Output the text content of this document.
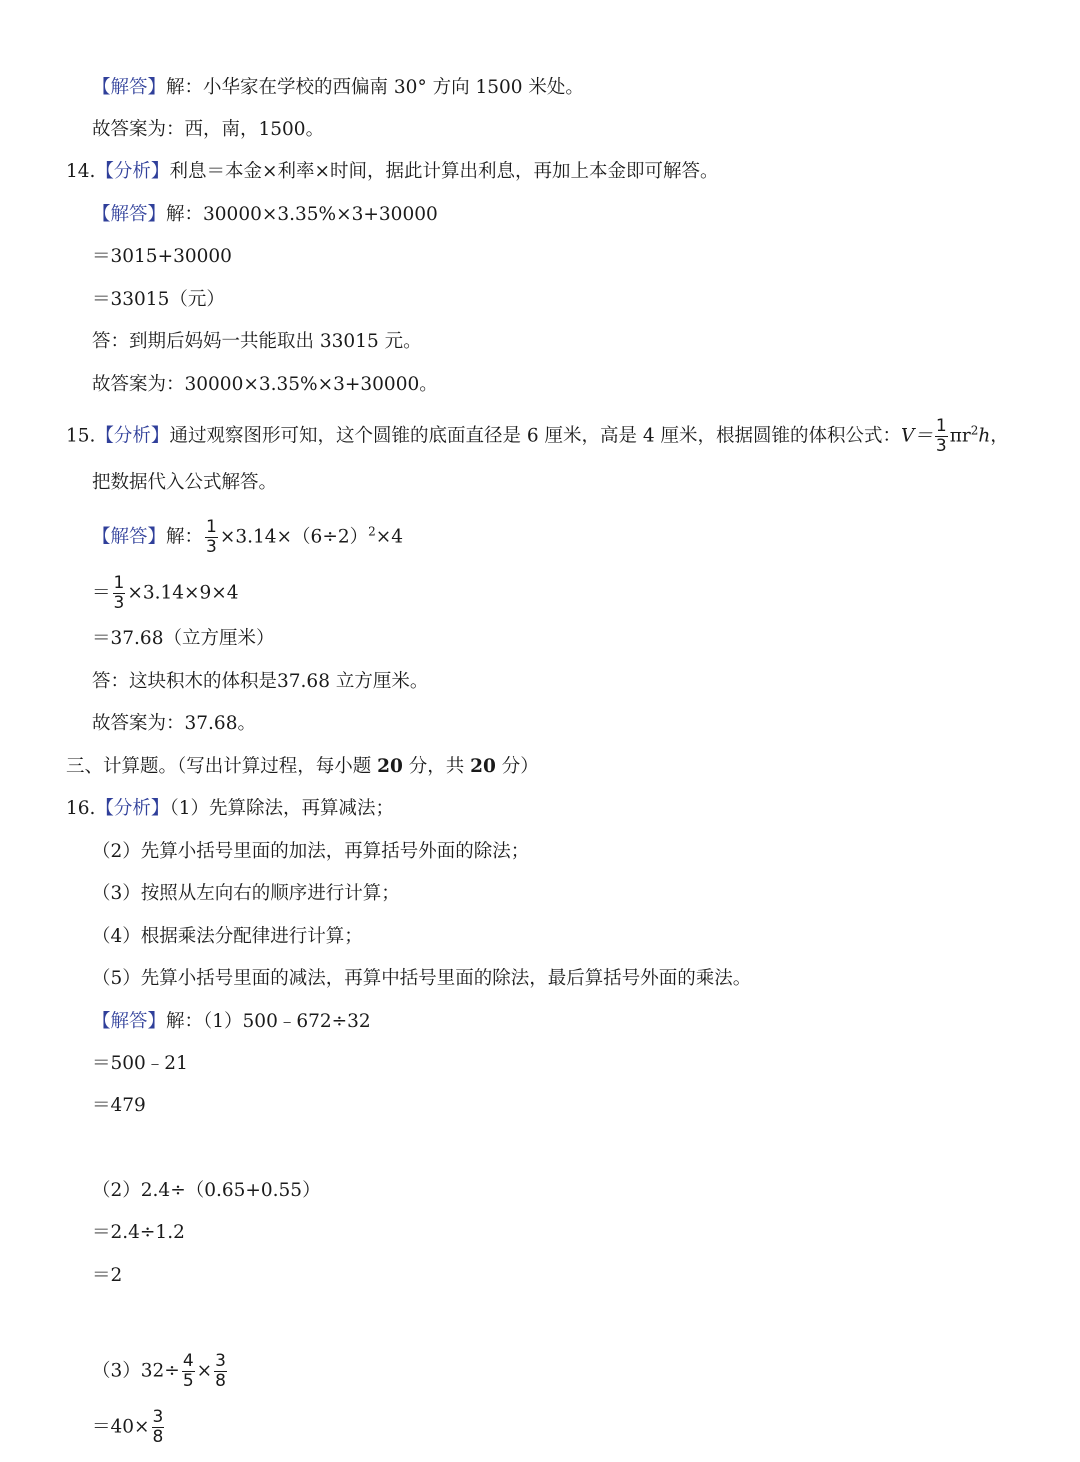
【解答】解：小华家在学校的西偏南 30° 方向 1500 米处。
故答案为：西，南，1500。
14.【分析】利息＝本金×利率×时间，据此计算出利息，再加上本金即可解答。
【解答】解：30000×3.35%×3+30000
＝3015+30000
＝33015（元）
答：到期后妈妈一共能取出 33015 元。
故答案为：30000×3.35%×3+30000。
15.【分析】通过观察图形可知，这个圆锥的底面直径是 6 厘米，高是 4 厘米，根据圆锥的体积公式：$V= \frac{1}{3} \pi r^2h$，
把数据代入公式解答。
【解答】解： $\frac{1}{3} \times 3.14\times(6\div 2)^2\times 4$
＝ $\frac{1}{3} \times 3.14\times 9\times 4$
＝37.68（立方厘米）
答：这块积木的体积是37.68 立方厘米。
故答案为：37.68。
三、计算题。（写出计算过程，每小题 20 分，共 20 分）
16.【分析】（1）先算除法，再算减法；
（2）先算小括号里面的加法，再算括号外面的除法；
（3）按照从左向右的顺序进行计算；
（4）根据乘法分配律进行计算；
（5）先算小括号里面的减法，再算中括号里面的除法，最后算括号外面的乘法。
【解答】解：（1）500﹣672÷32
＝500﹣21
＝479
（2）2.4÷（0.65+0.55）
＝2.4÷1.2
＝2
$(3)32\div \frac{4}{5} \times \frac{3}{8}$
$=40\times \frac{3}{8}$
